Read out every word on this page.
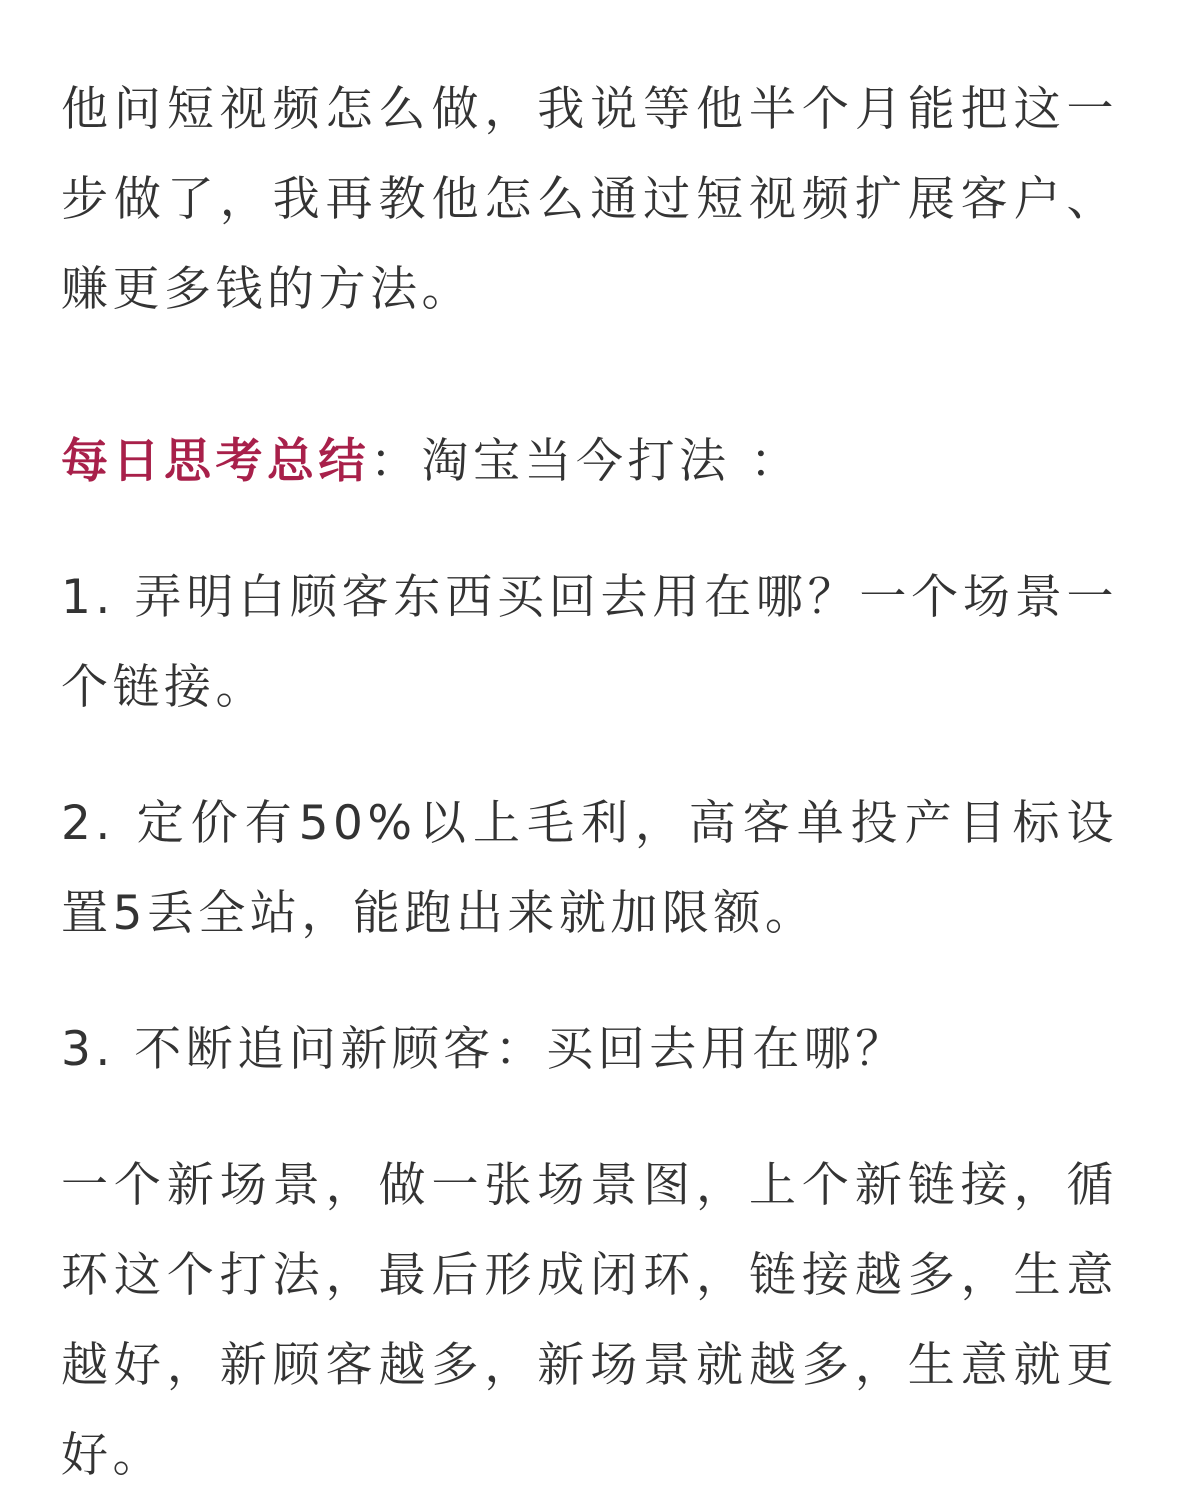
他问短视频怎么做，我说等他半个月能把这一步做了，我再教他怎么通过短视频扩展客户、赚更多钱的方法。

每日思考总结：淘宝当今打法 ：

1. 弄明白顾客东西买回去用在哪？一个场景一个链接。

2. 定价有50%以上毛利，高客单投产目标设置5丢全站，能跑出来就加限额。

3. 不断追问新顾客：买回去用在哪？

一个新场景，做一张场景图，上个新链接，循环这个打法，最后形成闭环，链接越多，生意越好，新顾客越多，新场景就越多，生意就更好。
